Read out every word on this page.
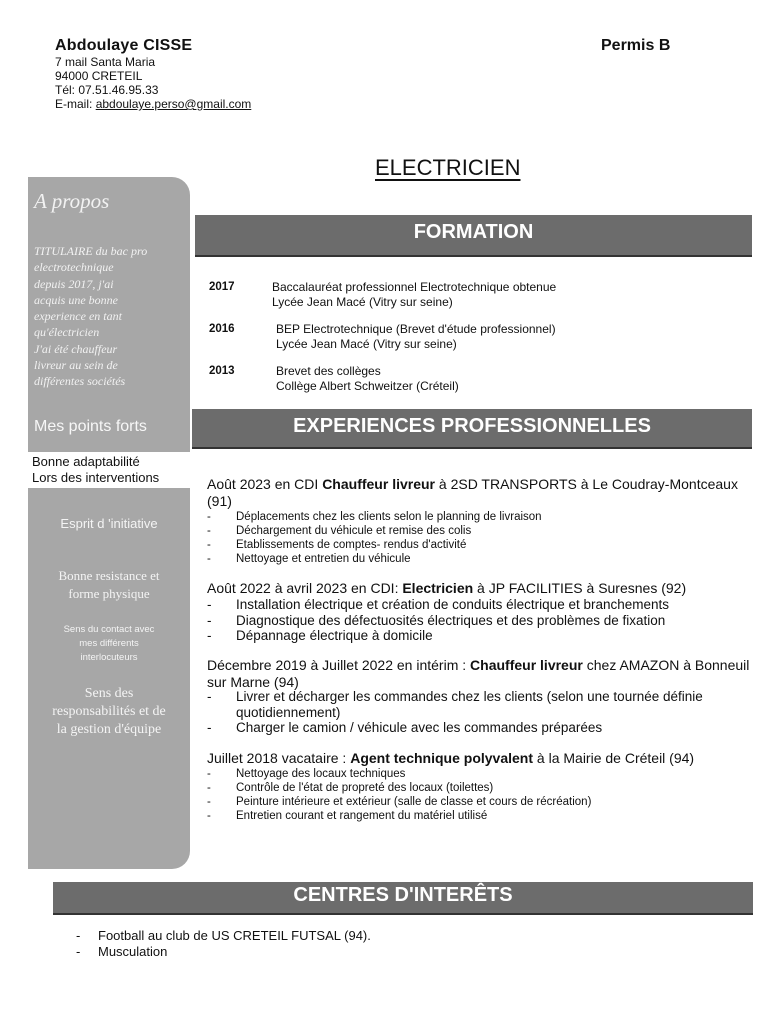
Abdoulaye CISSE
7 mail Santa Maria
94000 CRETEIL
Tél: 07.51.46.95.33
E-mail: abdoulaye.perso@gmail.com
Permis B
ELECTRICIEN
A propos
TITULAIRE du bac pro
electrotechnique
depuis 2017, j'ai
acquis une bonne
experience en tant
qu'électricien
J'ai été chauffeur
livreur au sein de
différentes sociétés
Mes points forts
Bonne adaptabilité
Lors des interventions
Esprit d 'initiative
Bonne resistance et
forme physique
Sens du contact avec
mes différents
interlocuteurs
Sens des
responsabilités et de
la gestion d'équipe
FORMATION
2017	Baccalauréat professionnel Electrotechnique obtenue
Lycée Jean Macé (Vitry sur seine)
2016	BEP Electrotechnique (Brevet d'étude professionnel)
Lycée Jean Macé (Vitry sur seine)
2013	Brevet des collèges
Collège Albert Schweitzer (Créteil)
EXPERIENCES PROFESSIONNELLES
Août 2023 en CDI Chauffeur livreur à 2SD TRANSPORTS à Le Coudray-Montceaux (91)
- Déplacements chez les clients selon le planning de livraison
- Déchargement du véhicule et remise des colis
- Etablissements de comptes- rendus d'activité
- Nettoyage et entretien du véhicule
Août 2022 à avril 2023 en CDI: Electricien à JP FACILITIES à Suresnes (92)
- Installation électrique et création de conduits électrique et branchements
- Diagnostique des défectuosités électriques et des problèmes de fixation
- Dépannage électrique à domicile
Décembre 2019 à Juillet 2022 en intérim : Chauffeur livreur chez AMAZON à Bonneuil sur Marne (94)
- Livrer et décharger les commandes chez les clients (selon une tournée définie quotidiennement)
- Charger le camion / véhicule avec les commandes préparées
Juillet 2018 vacataire : Agent technique polyvalent à la Mairie de Créteil (94)
- Nettoyage des locaux techniques
- Contrôle de l'état de propreté des locaux (toilettes)
- Peinture intérieure et extérieur (salle de classe et cours de récréation)
- Entretien courant et rangement du matériel utilisé
CENTRES D'INTERÊTS
- Football au club de US CRETEIL FUTSAL (94).
- Musculation
